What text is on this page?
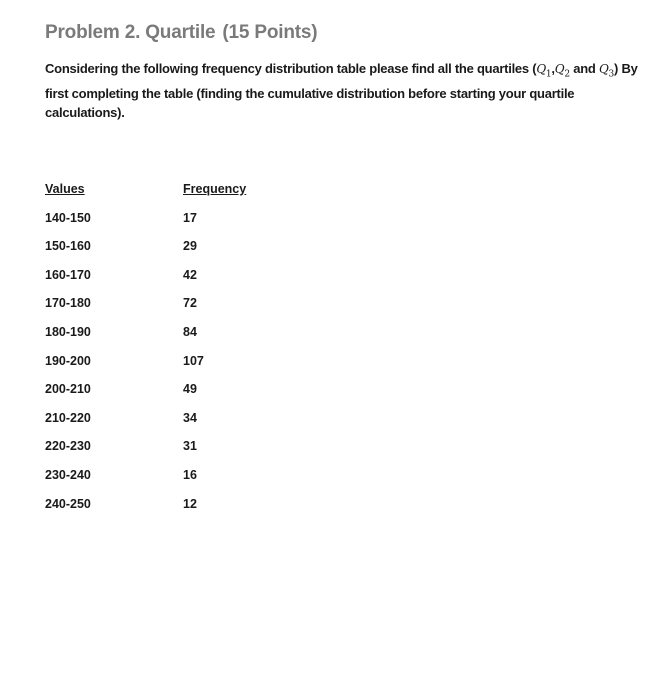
Problem 2. Quartile (15 Points)
Considering the following frequency distribution table please find all the quartiles ($Q_1,Q_2$ and $Q_3$) By first completing the table (finding the cumulative distribution before starting your quartile calculations).
Values	Frequency
140-150	17
150-160	29
160-170	42
170-180	72
180-190	84
190-200	107
200-210	49
210-220	34
220-230	31
230-240	16
240-250	12
